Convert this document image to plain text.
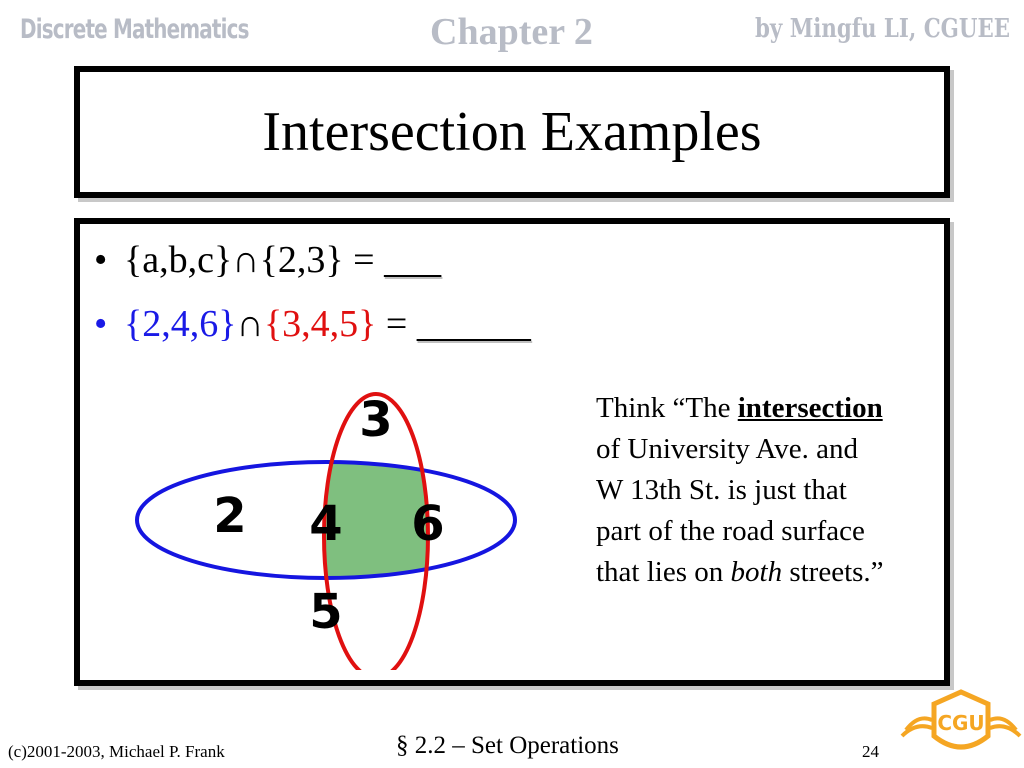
Discrete Mathematics	Chapter 2	by Mingfu LI, CGUEE
Intersection Examples
• {a,b,c}∩{2,3} = ___
• {2,4,6}∩{3,4,5} = ______
3
2 4 6
5
Think “The intersection of University Ave. and W 13th St. is just that part of the road surface that lies on both streets.”
(c)2001-2003, Michael P. Frank	§ 2.2 – Set Operations	24
CGU
